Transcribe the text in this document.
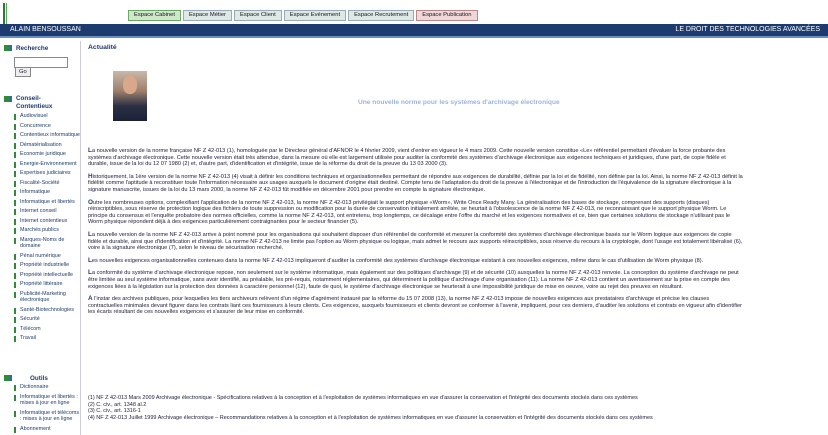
Espace Cabinet	Espace Métier	Espace Client	Espace Evénement	Espace Recrutement	Espace Publication
ALAIN BENSOUSSAN	LE DROIT DES TECHNOLOGIES AVANCÉES
Recherche
Go
Conseil-Contentieux
Audiovisuel
Concurrence
Contentieux informatique
Dématérialisation
Economie juridique
Energie-Environnement
Expertises judiciaires
Fiscalité-Société
Informatique
Informatique et libertés
Internet conseil
Internet contentieux
Marchés publics
Marques-Noms de domaine
Pénal numérique
Propriété industrielle
Propriété intellectuelle
Propriété littéraire
Publicité-Marketing électronique
Santé-Biotechnologies
Sécurité
Télécom
Travail
Outils
Dictionnaire
Informatique et libertés : mises à jour en ligne
Informatique et télécoms : mises à jour en ligne
Abonnement
Actualité
Une nouvelle norme pour les systèmes d'archivage électronique

La nouvelle version de la norme française NF Z 42-013 (1), homologuée par le Directeur général d'AFNOR le 4 février 2009, vient d'entrer en vigueur le 4 mars 2009. Cette nouvelle version constitue «Le» référentiel permettant d'évaluer la force probante des systèmes d'archivage électronique. Cette nouvelle version était très attendue, dans la mesure où elle est largement utilisée pour auditer la conformité des systèmes d'archivage électronique aux exigences techniques et juridiques, d'une part, de copie fidèle et durable, issue de la loi du 12 07 1980 (2) et, d'autre part, d'identification et d'intégrité, issue de la réforme du droit de la preuve du 13 03 2000 (3).

Historiquement, la 1ère version de la norme NF Z 42-013 (4) visait à définir les conditions techniques et organisationnelles permettant de répondre aux exigences de durabilité, définie par la loi et de fidélité, non définie par la loi. Ainsi, la norme NF Z 42-013 définit la fidélité comme l'aptitude à reconstituer toute l'information nécessaire aux usages auxquels le document d'origine était destiné. Compte tenu de l'adaptation du droit de la preuve à l'électronique et de l'introduction de l'équivalence de la signature électronique à la signature manuscrite, issues de la loi du 13 mars 2000, la norme NF Z 42-013 fût modifiée en décembre 2001 pour prendre en compte la signature électronique.

Outre les nombreuses options, complexifiant l'application de la norme NF Z 42-013, la norme NF Z 42-013 privilégiait le support physique «Worm», Write Once Ready Many. La généralisation des bases de stockage, comprenant des supports (disques) réinscriptibles, sous réserve de protection logique des fichiers de toute suppression ou modification pour la durée de conservation initialement arrêtée, se heurtait à l'obsolescence de la norme NF Z 42-013, ne reconnaissant que le support physique Worm. Le principe du consensus et l'enquête probatoire des normes officielles, comme la norme NF Z 42-013, ont entretenu, trop longtemps, ce décalage entre l'offre du marché et les exigences normatives et ce, bien que certaines solutions de stockage n'utilisant pas le Worm physique répondent déjà à des exigences particulièrement contraignantes pour le secteur financier (5).

La nouvelle version de la norme NF Z 42-013 arrive à point nommé pour les organisations qui souhaitent disposer d'un référentiel de conformité et mesurer la conformité des systèmes d'archivage électronique basés sur le Worm logique aux exigences de copie fidèle et durable, ainsi que d'identification et d'intégrité. La norme NF Z 42-013 ne limite pas l'option au Worm physique ou logique, mais admet le recours aux supports réinscriptibles, sous réserve du recours à la cryptologie, dont l'usage est totalement libéralisé (6), voire à la signature électronique (7), selon le niveau de sécurisation recherché.

Les nouvelles exigences organisationnelles contenues dans la norme NF Z 42-013 impliqueront d'auditer la conformité des systèmes d'archivage électronique existant à ces nouvelles exigences, même dans le cas d'utilisation de Worm physique (8).

La conformité du système d'archivage électronique repose, non seulement sur le système informatique, mais également sur des politiques d'archivage (9) et de sécurité (10) auxquelles la norme NF Z 42-013 renvoie. La conception du système d'archivage ne peut être limitée au seul système informatique, sans avoir identifié, au préalable, les pré-requis, notamment réglementaires, qui déterminent la politique d'archivage d'une organisation (11). La norme NF Z 42-013 contient un avertissement sur la prise en compte des exigences liées à la législation sur la protection des données à caractère personnel (12), faute de quoi, le système d'archivage électronique se heurterait à une impossibilité juridique de mise en oeuvre, voire au rejet des preuves en résultant.

A l'instar des archives publiques, pour lesquelles les tiers archiveurs relèvent d'un régime d'agrément instauré par la réforme du 15 07 2008 (13), la norme NF Z 42-013 impose de nouvelles exigences aux prestataires d'archivage et précise les clauses contractuelles minimales devant figurer dans les contrats liant ces fournisseurs à leurs clients. Ces exigences, auxquels fournisseurs et clients devront se conformer à l'avenir, impliquent, pour ces derniers, d'auditer les solutions et contrats en vigueur afin d'identifier les écarts résultant de ces nouvelles exigences et s'assurer de leur mise en conformité.

(1) NF Z 42-013 Mars 2009 Archivage électronique - Spécifications relatives à la conception et à l'exploitation de systèmes informatiques en vue d'assurer la conservation et l'intégrité des documents stockés dans ces systèmes
(2) C. civ., art. 1348 al.2
(3) C. civ., art. 1316-1
(4) NF Z 42-013 Juillet 1999 Archivage électronique – Recommandations relatives à la conception et à l'exploitation de systèmes informatiques en vue d'assurer la conservation et l'intégrité des documents stockés dans ces systèmes
